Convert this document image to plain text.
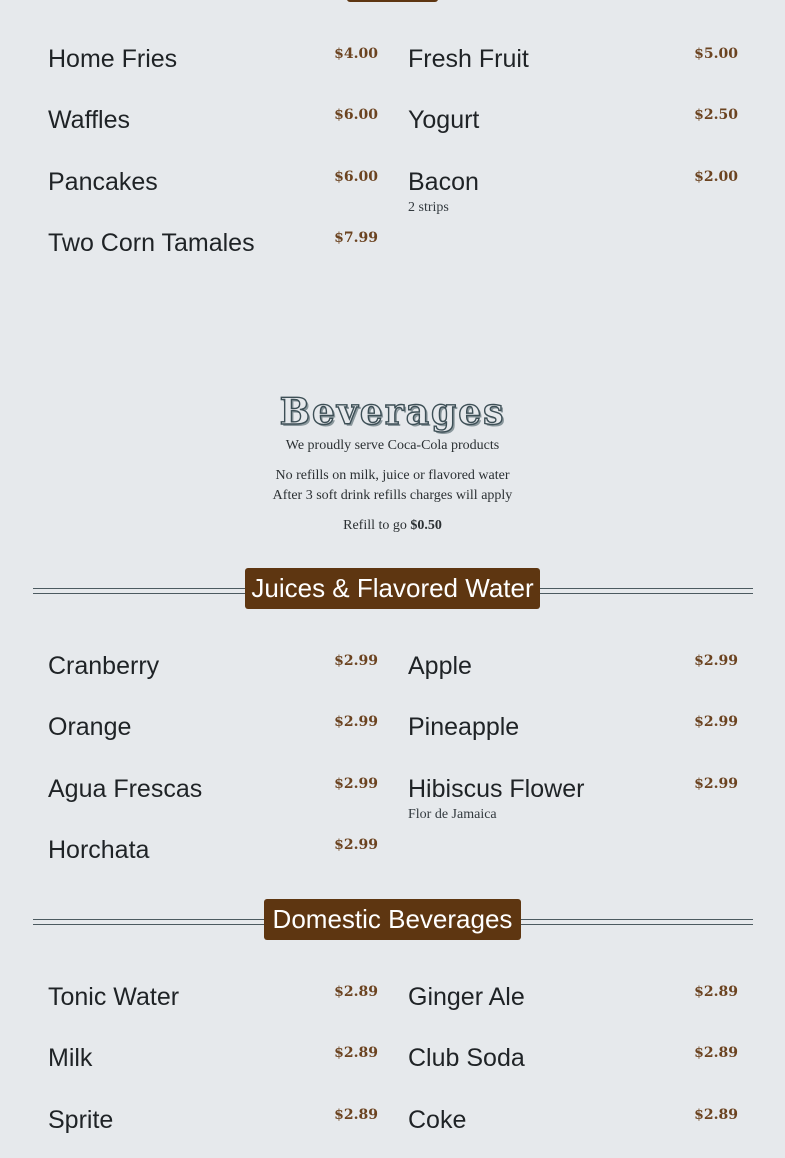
Home Fries	$4.00 Fresh Fruit	$5.00
Waffles	$6.00 Yogurt	$2.50
Pancakes	$6.00 Bacon	$2.00
2 strips
Two Corn Tamales	$7.99
Beverages
We proudly serve Coca-Cola products
No refills on milk, juice or flavored water
After 3 soft drink refills charges will apply
Refill to go $0.50
Juices & Flavored Water
Cranberry	$2.99 Apple	$2.99
Orange	$2.99 Pineapple	$2.99
Agua Frescas	$2.99 Hibiscus Flower	$2.99
Flor de Jamaica
Horchata	$2.99
Domestic Beverages
Tonic Water	$2.89 Ginger Ale	$2.89
Milk	$2.89 Club Soda	$2.89
Sprite	$2.89 Coke	$2.89
